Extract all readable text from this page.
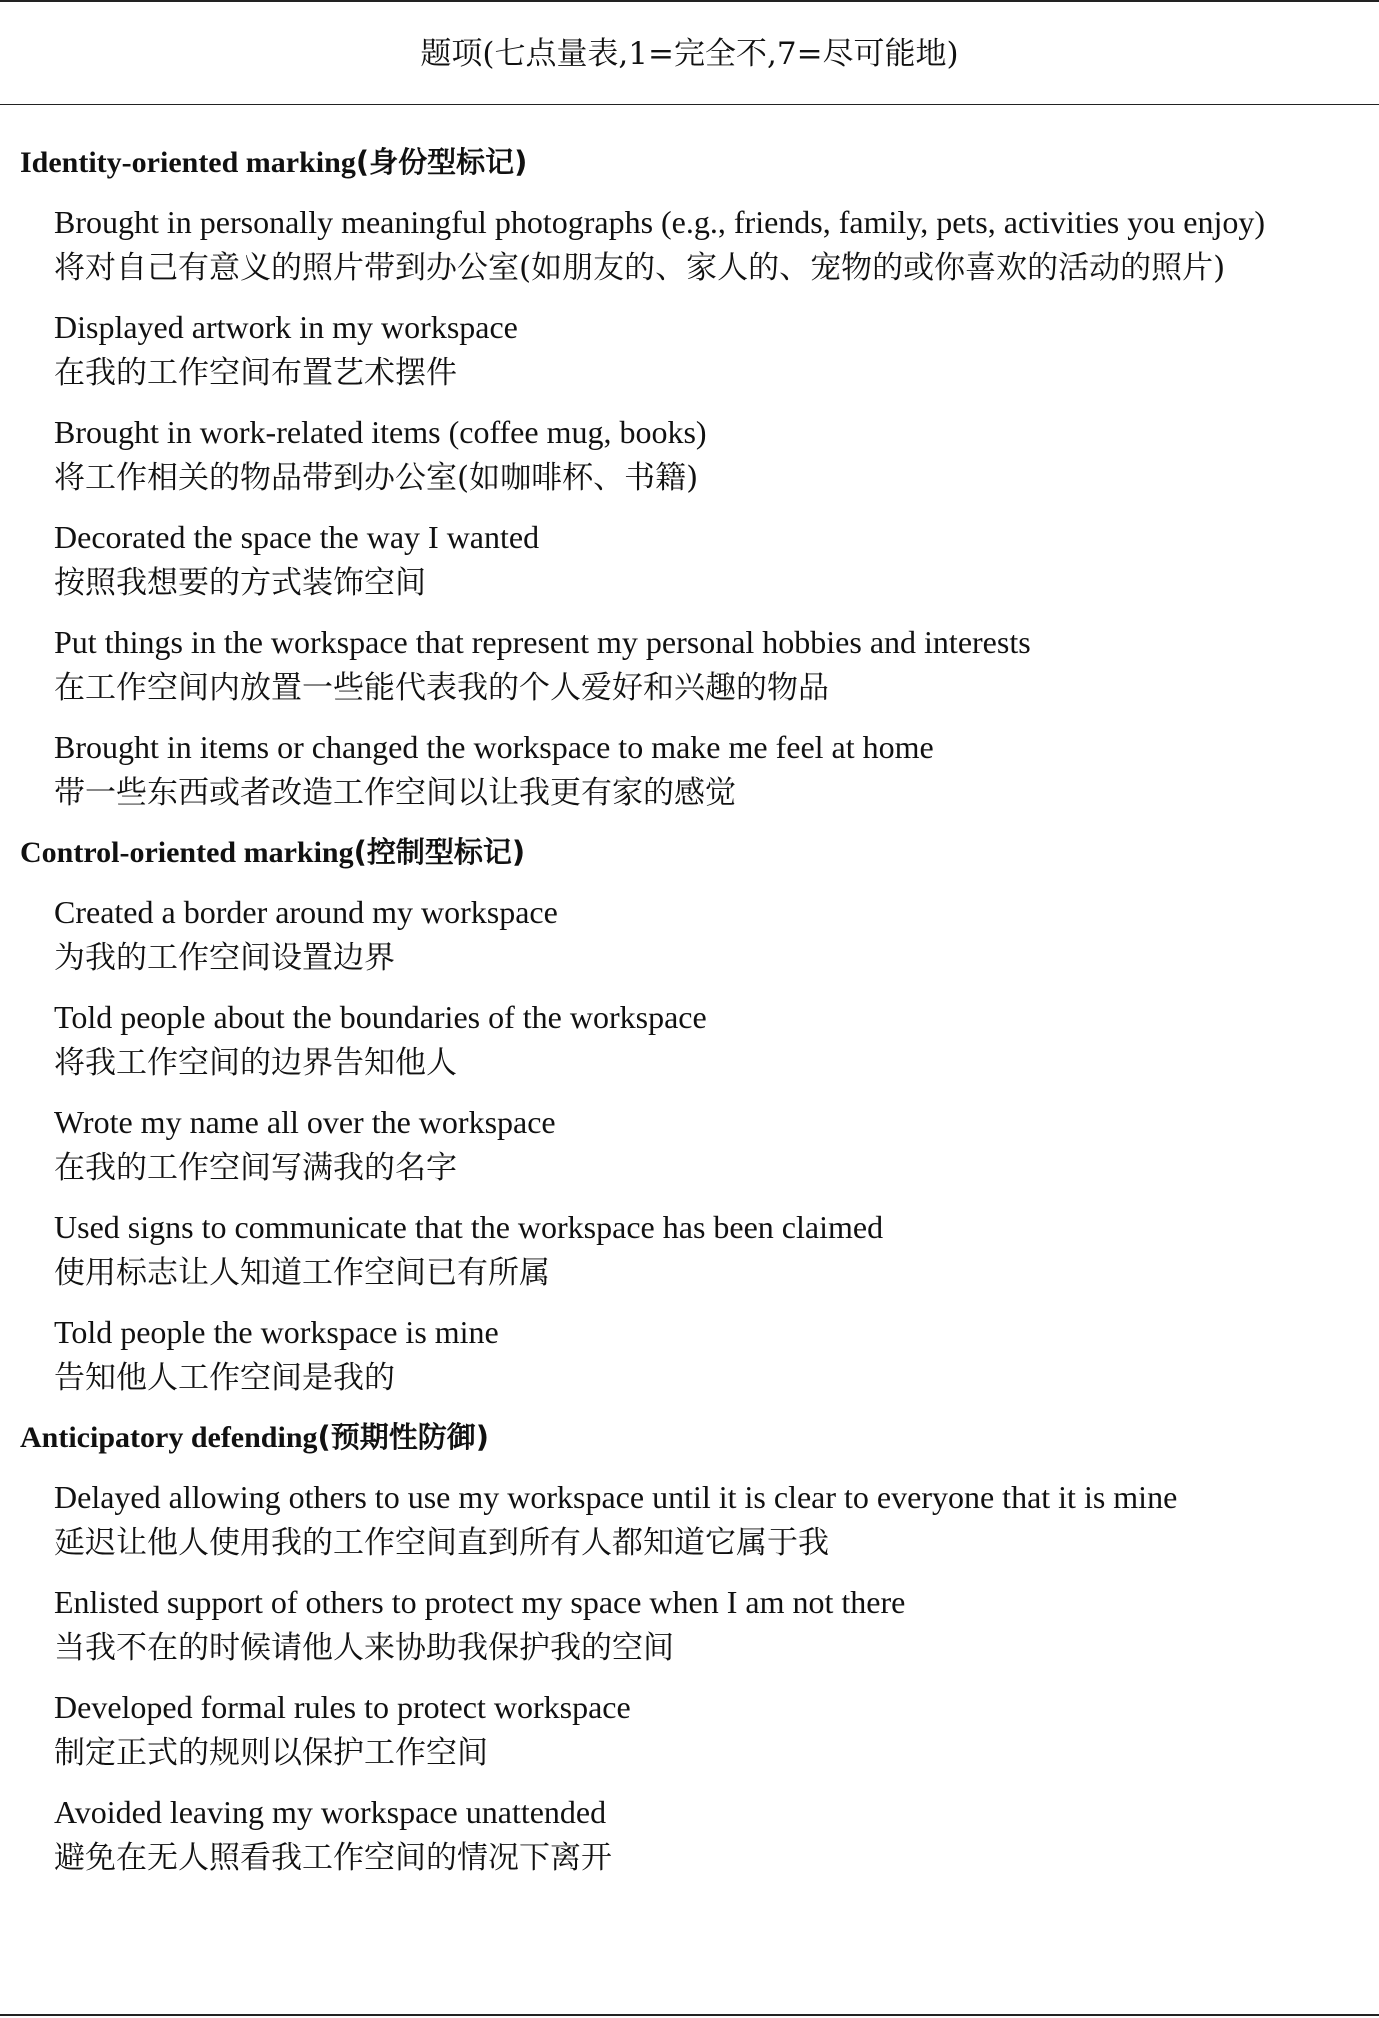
题项(七点量表,1=完全不,7=尽可能地)
Identity-oriented marking(身份型标记)
Brought in personally meaningful photographs (e.g., friends, family, pets, activities you enjoy)
将对自己有意义的照片带到办公室(如朋友的、家人的、宠物的或你喜欢的活动的照片)
Displayed artwork in my workspace
在我的工作空间布置艺术摆件
Brought in work-related items (coffee mug, books)
将工作相关的物品带到办公室(如咖啡杯、书籍)
Decorated the space the way I wanted
按照我想要的方式装饰空间
Put things in the workspace that represent my personal hobbies and interests
在工作空间内放置一些能代表我的个人爱好和兴趣的物品
Brought in items or changed the workspace to make me feel at home
带一些东西或者改造工作空间以让我更有家的感觉
Control-oriented marking(控制型标记)
Created a border around my workspace
为我的工作空间设置边界
Told people about the boundaries of the workspace
将我工作空间的边界告知他人
Wrote my name all over the workspace
在我的工作空间写满我的名字
Used signs to communicate that the workspace has been claimed
使用标志让人知道工作空间已有所属
Told people the workspace is mine
告知他人工作空间是我的
Anticipatory defending(预期性防御)
Delayed allowing others to use my workspace until it is clear to everyone that it is mine
延迟让他人使用我的工作空间直到所有人都知道它属于我
Enlisted support of others to protect my space when I am not there
当我不在的时候请他人来协助我保护我的空间
Developed formal rules to protect workspace
制定正式的规则以保护工作空间
Avoided leaving my workspace unattended
避免在无人照看我工作空间的情况下离开
